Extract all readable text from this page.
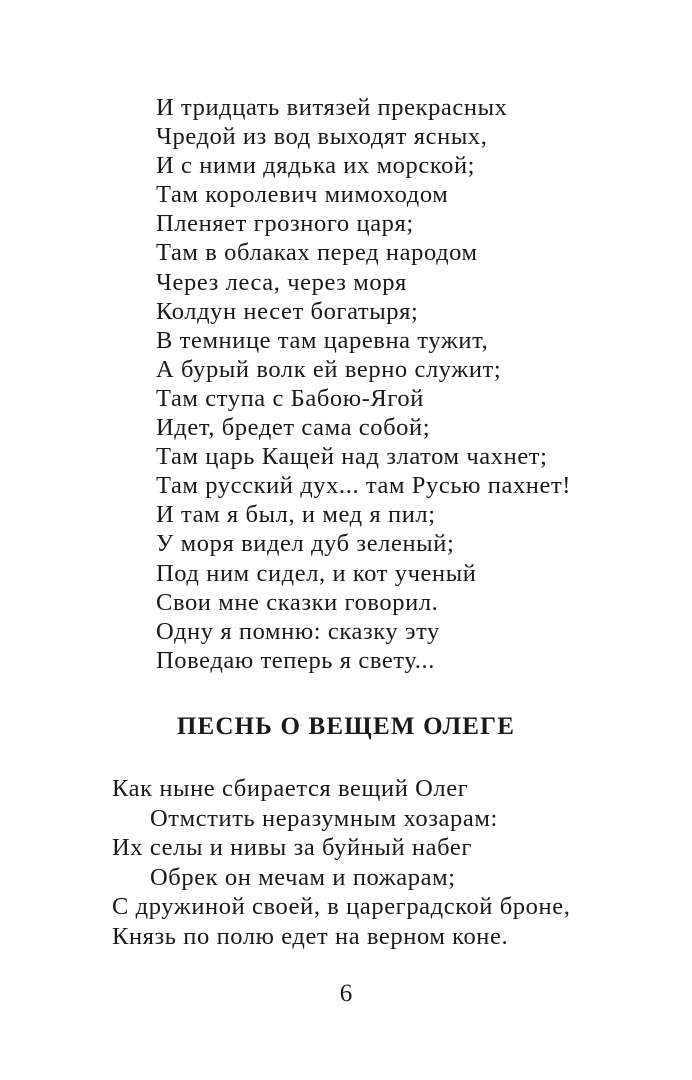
И тридцать витязей прекрасных
Чредой из вод выходят ясных,
И с ними дядька их морской;
Там королевич мимоходом
Пленяет грозного царя;
Там в облаках перед народом
Через леса, через моря
Колдун несет богатыря;
В темнице там царевна тужит,
А бурый волк ей верно служит;
Там ступа с Бабою-Ягой
Идет, бредет сама собой;
Там царь Кащей над златом чахнет;
Там русский дух... там Русью пахнет!
И там я был, и мед я пил;
У моря видел дуб зеленый;
Под ним сидел, и кот ученый
Свои мне сказки говорил.
Одну я помню: сказку эту
Поведаю теперь я свету...
ПЕСНЬ О ВЕЩЕМ ОЛЕГЕ
Как ныне сбирается вещий Олег
Отмстить неразумным хозарам:
Их селы и нивы за буйный набег
Обрек он мечам и пожарам;
С дружиной своей, в цареградской броне,
Князь по полю едет на верном коне.

6
